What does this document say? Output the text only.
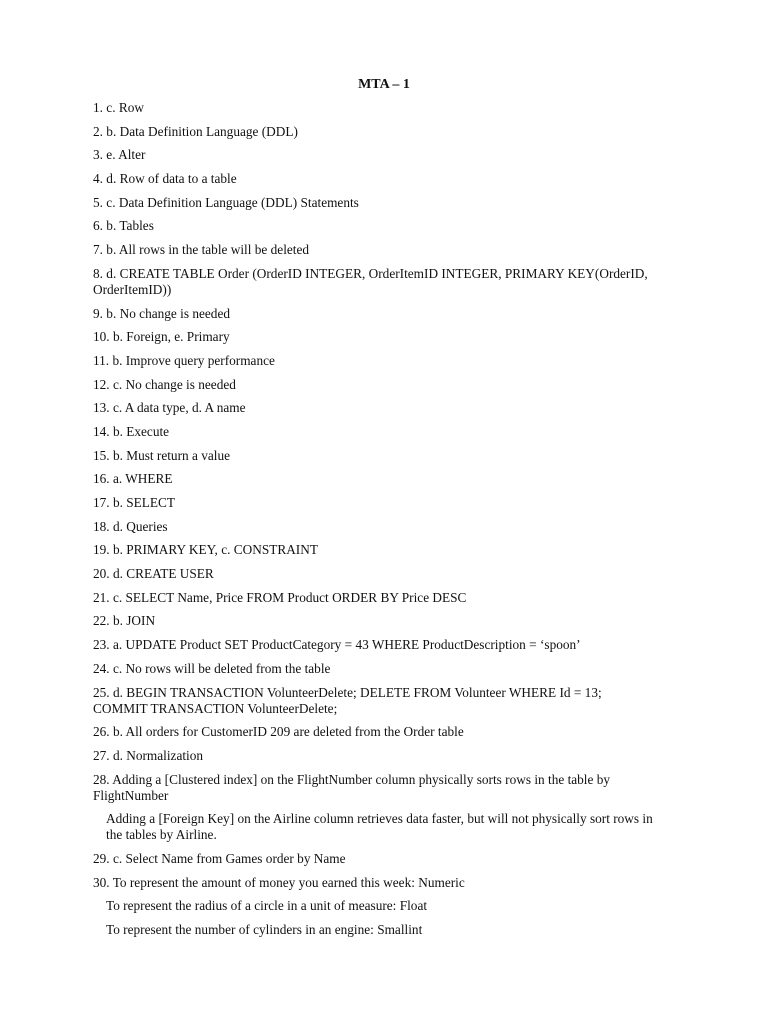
MTA – 1
1. c. Row
2. b. Data Definition Language (DDL)
3. e. Alter
4. d. Row of data to a table
5. c. Data Definition Language (DDL) Statements
6. b. Tables
7. b. All rows in the table will be deleted
8. d. CREATE TABLE Order (OrderID INTEGER, OrderItemID INTEGER, PRIMARY KEY(OrderID, OrderItemID))
9. b. No change is needed
10. b. Foreign, e. Primary
11. b. Improve query performance
12. c. No change is needed
13. c. A data type, d. A name
14. b. Execute
15. b. Must return a value
16. a. WHERE
17. b. SELECT
18. d. Queries
19. b. PRIMARY KEY, c. CONSTRAINT
20. d. CREATE USER
21. c. SELECT Name, Price FROM Product ORDER BY Price DESC
22. b. JOIN
23. a. UPDATE Product SET ProductCategory = 43 WHERE ProductDescription = ‘spoon’
24. c. No rows will be deleted from the table
25. d. BEGIN TRANSACTION VolunteerDelete; DELETE FROM Volunteer WHERE Id = 13; COMMIT TRANSACTION VolunteerDelete;
26. b. All orders for CustomerID 209 are deleted from the Order table
27. d. Normalization
28. Adding a [Clustered index] on the FlightNumber column physically sorts rows in the table by FlightNumber
Adding a [Foreign Key] on the Airline column retrieves data faster, but will not physically sort rows in the tables by Airline.
29. c. Select Name from Games order by Name
30. To represent the amount of money you earned this week: Numeric
To represent the radius of a circle in a unit of measure: Float
To represent the number of cylinders in an engine: Smallint
